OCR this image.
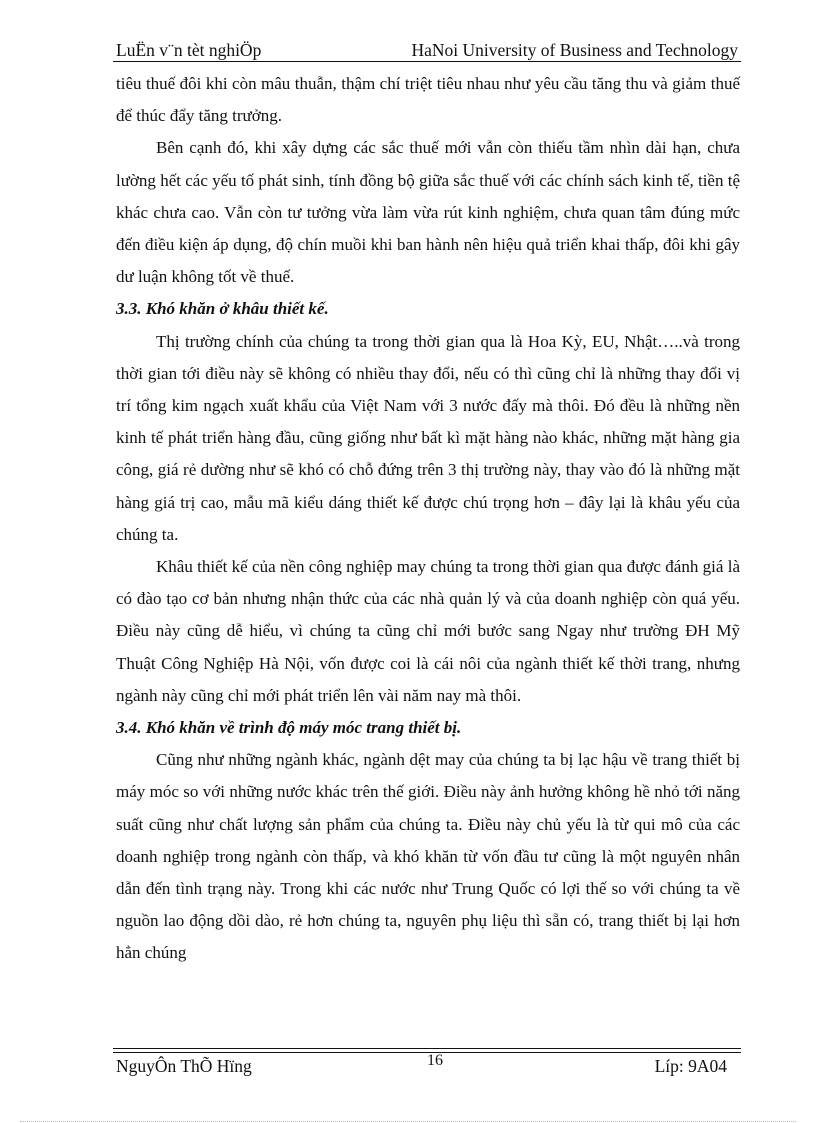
LuËn v¨n tèt nghiÖp	HaNoi University of Business and Technology

tiêu thuế đôi khi còn mâu thuẫn, thậm chí triệt tiêu nhau như yêu cầu tăng thu và giảm thuế để thúc đẩy tăng trưởng.

Bên cạnh đó, khi xây dựng các sắc thuế mới vẫn còn thiếu tầm nhìn dài hạn, chưa lường hết các yếu tố phát sinh, tính đồng bộ giữa sắc thuế với các chính sách kinh tế, tiền tệ khác chưa cao. Vẫn còn tư tưởng vừa làm vừa rút kinh nghiệm, chưa quan tâm đúng mức đến điều kiện áp dụng, độ chín muồi khi ban hành nên hiệu quả triển khai thấp, đôi khi gây dư luận không tốt về thuế.

3.3. Khó khăn ở khâu thiết kế.

Thị trường chính của chúng ta trong thời gian qua là Hoa Kỳ, EU, Nhật…..và trong thời gian tới điều này sẽ không có nhiều thay đổi, nếu có thì cũng chỉ là những thay đổi vị trí tổng kim ngạch xuất khẩu của Việt Nam với 3 nước đấy mà thôi. Đó đều là những nền kinh tế phát triển hàng đầu, cũng giống như bất kì mặt hàng nào khác, những mặt hàng gia công, giá rẻ dường như sẽ khó có chỗ đứng trên 3 thị trường này, thay vào đó là những mặt hàng giá trị cao, mẫu mã kiểu dáng thiết kế được chú trọng hơn – đây lại là khâu yếu của chúng ta.

Khâu thiết kế của nền công nghiệp may chúng ta trong thời gian qua được đánh giá là có đào tạo cơ bản nhưng nhận thức của các nhà quản lý và của doanh nghiệp còn quá yếu. Điều này cũng dễ hiểu, vì chúng ta cũng chỉ mới bước sang Ngay như trường ĐH Mỹ Thuật Công Nghiệp Hà Nội, vốn được coi là cái nôi của ngành thiết kế thời trang, nhưng ngành này cũng chỉ mới phát triển lên vài năm nay mà thôi.

3.4. Khó khăn về trình độ máy móc trang thiết bị.

Cũng như những ngành khác, ngành dệt may của chúng ta bị lạc hậu về trang thiết bị máy móc so với những nước khác trên thế giới. Điều này ảnh hưởng không hề nhỏ tới năng suất cũng như chất lượng sản phẩm của chúng ta. Điều này chủ yếu là từ qui mô của các doanh nghiệp trong ngành còn thấp, và khó khăn từ vốn đầu tư cũng là một nguyên nhân dẫn đến tình trạng này. Trong khi các nước như Trung Quốc có lợi thế so với chúng ta về nguồn lao động dồi dào, rẻ hơn chúng ta, nguyên phụ liệu thì sẵn có, trang thiết bị lại hơn hẳn chúng

NguyÔn ThÕ Hïng	16	Líp: 9A04
